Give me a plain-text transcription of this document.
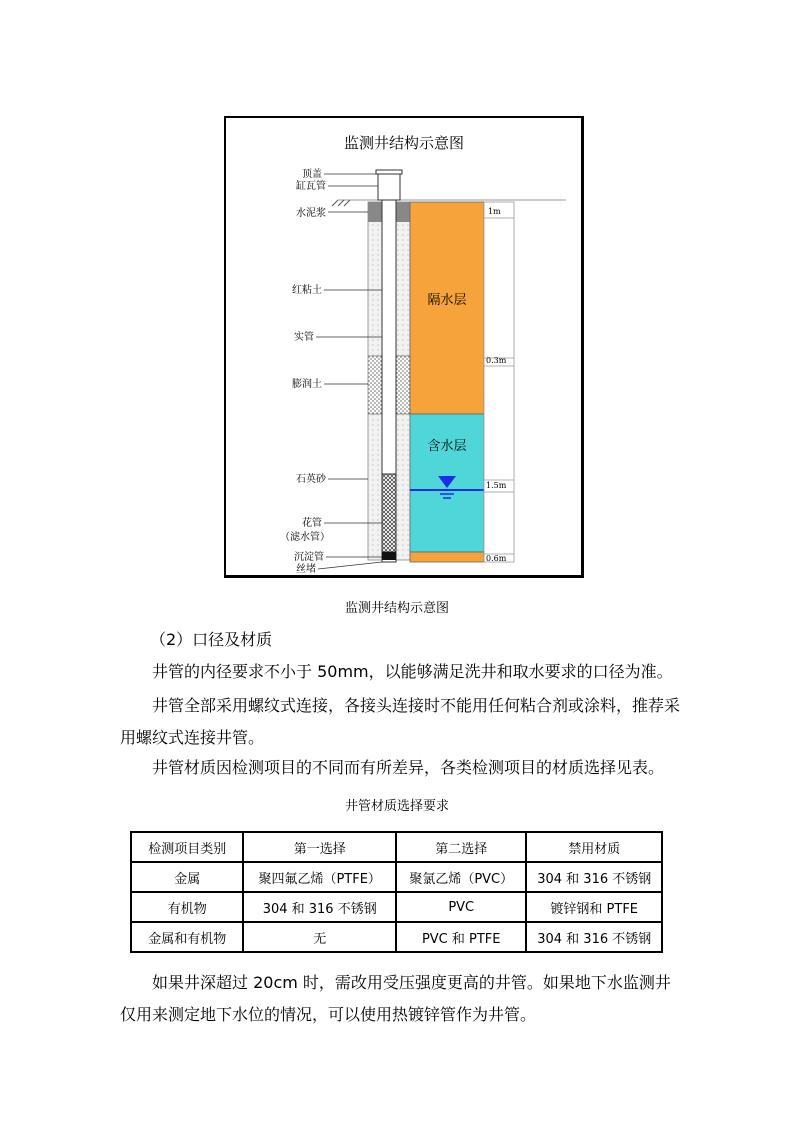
监测井结构示意图
隔水层
含水层
1m
0.3m
1.5m
0.6m
顶盖
缸瓦管
水泥浆
红粘土
实管
膨润土
石英砂
花管
（滤水管）
沉淀管
丝堵
监测井结构示意图
（2）口径及材质
井管的内径要求不小于 50mm，以能够满足洗井和取水要求的口径为准。
井管全部采用螺纹式连接，各接头连接时不能用任何粘合剂或涂料，推荐采用螺纹式连接井管。
井管材质因检测项目的不同而有所差异，各类检测项目的材质选择见表。
井管材质选择要求
检测项目类别	第一选择	第二选择	禁用材质
金属	聚四氟乙烯（PTFE）	聚氯乙烯（PVC）	304 和 316 不锈钢
有机物	304 和 316 不锈钢	PVC	镀锌钢和 PTFE
金属和有机物	无	PVC 和 PTFE	304 和 316 不锈钢
如果井深超过 20cm 时，需改用受压强度更高的井管。如果地下水监测井仅用来测定地下水位的情况，可以使用热镀锌管作为井管。
